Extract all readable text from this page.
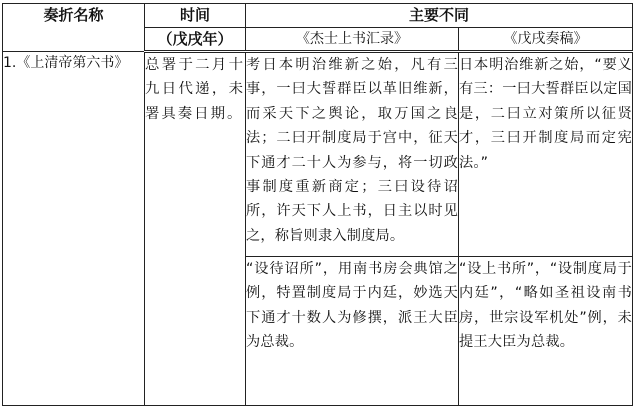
奏折名称	时间	主要不同	
	（戊戌年）	《杰士上书汇录》	《戊戌奏稿》
1.《上清帝第六书》	总署于二月十九日代递，未署具奏日期。	考日本明治维新之始，凡有三事，一曰大誓群臣以革旧维新，而采天下之舆论，取万国之良法；二曰开制度局于宫中，征天下通才二十人为参与，将一切政事制度重新商定；三曰设待诏所，许天下人上书，日主以时见之，称旨则隶入制度局。	日本明治维新之始，“要义有三：一曰大誓群臣以定国是，二曰立对策所以征贤才，三曰开制度局而定宪法。”
		“设待诏所”，用南书房会典馆之例，特置制度局于内廷，妙选天下通才十数人为修撰，派王大臣为总裁。	“设上书所”，“设制度局于内廷”，“略如圣祖设南书房，世宗设军机处”例，未提王大臣为总裁。
